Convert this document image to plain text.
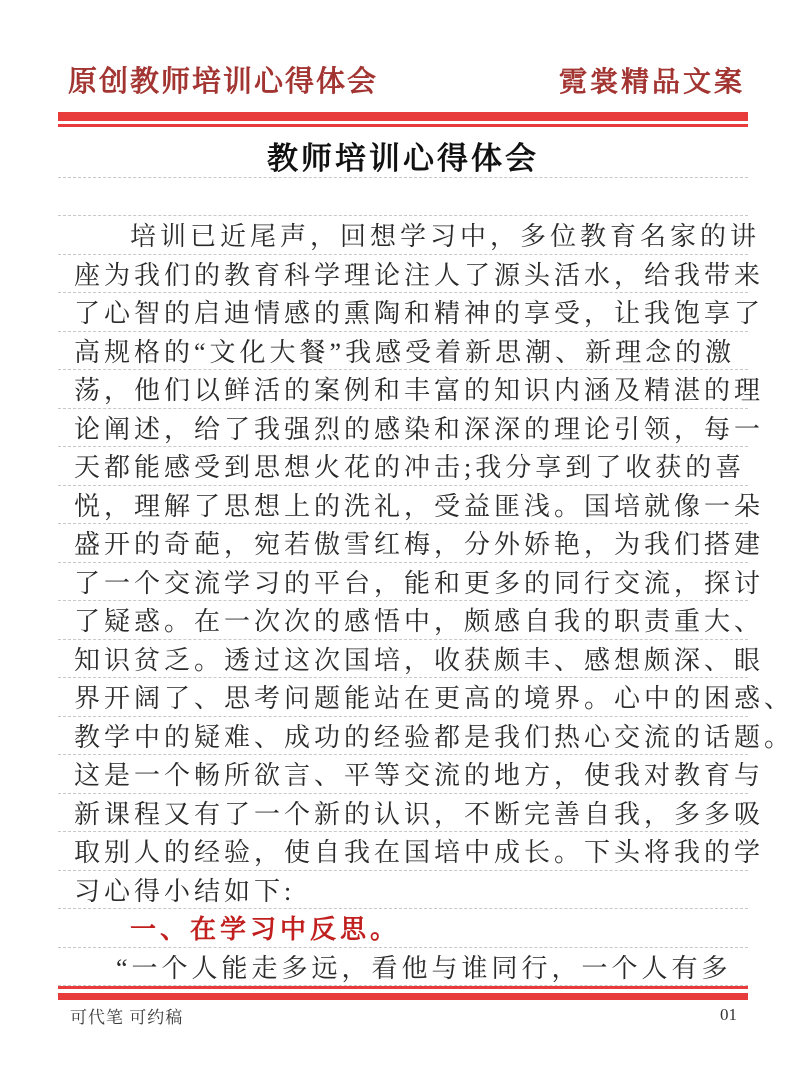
原创教师培训心得体会	霓裳精品文案
教师培训心得体会
培训已近尾声，回想学习中，多位教育名家的讲
座为我们的教育科学理论注人了源头活水，给我带来
了心智的启迪情感的熏陶和精神的享受，让我饱享了
高规格的“文化大餐”我感受着新思潮、新理念的激
荡，他们以鲜活的案例和丰富的知识内涵及精湛的理
论阐述，给了我强烈的感染和深深的理论引领，每一
天都能感受到思想火花的冲击;我分享到了收获的喜
悦，理解了思想上的洗礼，受益匪浅。国培就像一朵
盛开的奇葩，宛若傲雪红梅，分外娇艳，为我们搭建
了一个交流学习的平台，能和更多的同行交流，探讨
了疑惑。在一次次的感悟中，颇感自我的职责重大、
知识贫乏。透过这次国培，收获颇丰、感想颇深、眼
界开阔了、思考问题能站在更高的境界。心中的困惑、
教学中的疑难、成功的经验都是我们热心交流的话题。
这是一个畅所欲言、平等交流的地方，使我对教育与
新课程又有了一个新的认识，不断完善自我，多多吸
取别人的经验，使自我在国培中成长。下头将我的学
习心得小结如下:
一、在学习中反思。
“一个人能走多远，看他与谁同行，一个人有多
可代笔 可约稿	01
